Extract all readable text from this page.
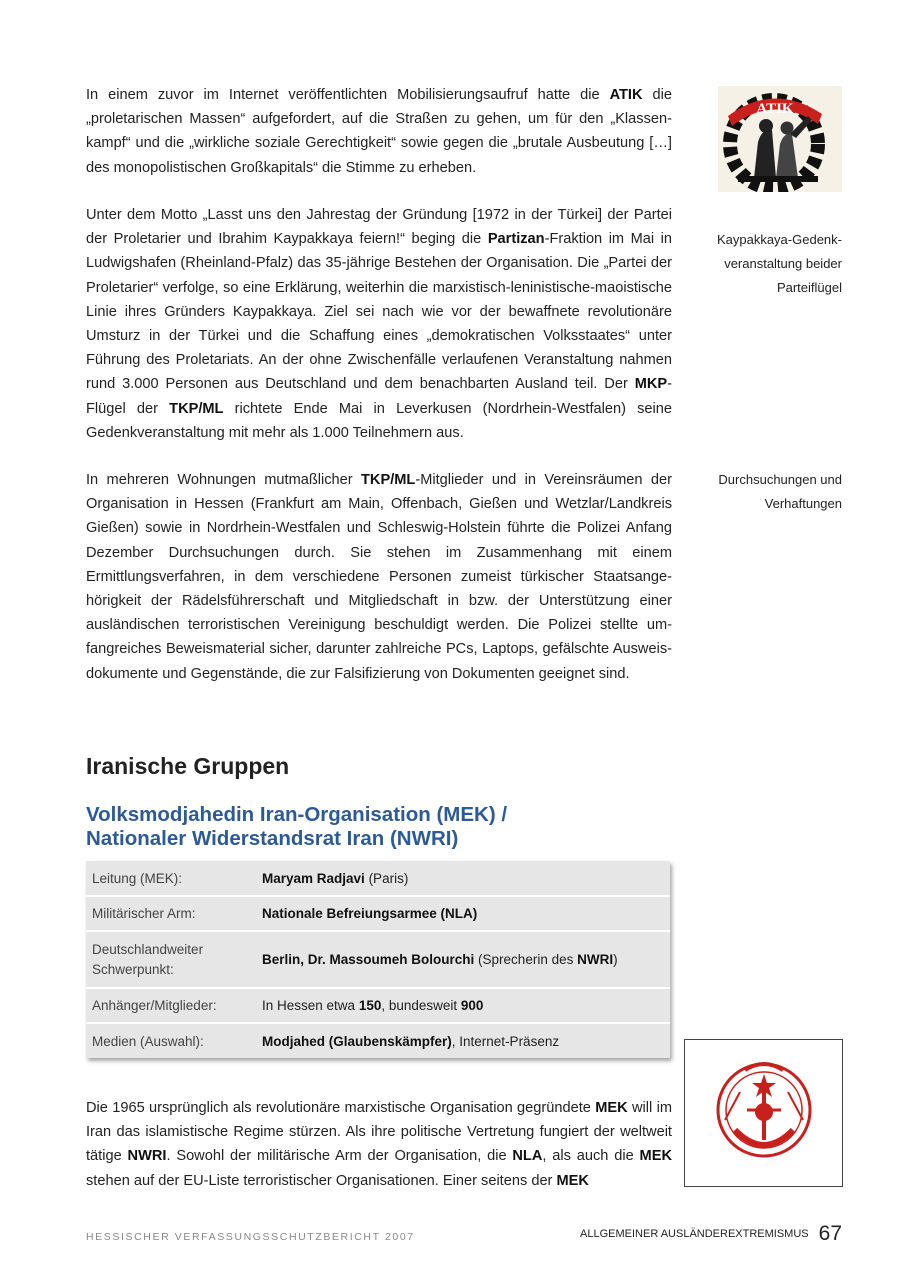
In einem zuvor im Internet veröffentlichten Mobilisierungsaufruf hatte die ATIK die „proletarischen Massen“ aufgefordert, auf die Straßen zu gehen, um für den „Klassenkampf“ und die „wirkliche soziale Gerechtigkeit“ sowie gegen die „brutale Ausbeutung […] des monopolistischen Großkapitals“ die Stimme zu erheben.

ATIK
Kaypakkaya-Gedenkveranstaltung beider Parteiflügel

Unter dem Motto „Lasst uns den Jahrestag der Gründung [1972 in der Türkei] der Partei der Proletarier und Ibrahim Kaypakkaya feiern!“ beging die Partizan-Fraktion im Mai in Ludwigshafen (Rheinland-Pfalz) das 35-jährige Bestehen der Organisation. Die „Partei der Proletarier“ verfolge, so eine Erklärung, weiterhin die marxistisch-leninistische-maoistische Linie ihres Gründers Kaypakkaya. Ziel sei nach wie vor der bewaffnete revolutionäre Umsturz in der Türkei und die Schaffung eines „demokratischen Volksstaates“ unter Führung des Proletariats. An der ohne Zwischenfälle verlaufenen Veranstaltung nahmen rund 3.000 Personen aus Deutschland und dem benachbarten Ausland teil. Der MKP-Flügel der TKP/ML richtete Ende Mai in Leverkusen (Nordrhein-Westfalen) seine Gedenkveranstaltung mit mehr als 1.000 Teilnehmern aus.

Durchsuchungen und Verhaftungen

In mehreren Wohnungen mutmaßlicher TKP/ML-Mitglieder und in Vereinsräumen der Organisation in Hessen (Frankfurt am Main, Offenbach, Gießen und Wetzlar/Landkreis Gießen) sowie in Nordrhein-Westfalen und Schleswig-Holstein führte die Polizei Anfang Dezember Durchsuchungen durch. Sie stehen im Zusammenhang mit einem Ermittlungsverfahren, in dem verschiedene Personen zumeist türkischer Staatsangehörigkeit der Rädelsführerschaft und Mitgliedschaft in bzw. der Unterstützung einer ausländischen terroristischen Vereinigung beschuldigt werden. Die Polizei stellte umfangreiches Beweismaterial sicher, darunter zahlreiche PCs, Laptops, gefälschte Ausweisdokumente und Gegenstände, die zur Falsifizierung von Dokumenten geeignet sind.

Iranische Gruppen
Volksmodjahedin Iran-Organisation (MEK) /
Nationaler Widerstandsrat Iran (NWRI)
Leitung (MEK):	Maryam Radjavi (Paris)
Militärischer Arm:	Nationale Befreiungsarmee (NLA)
Deutschlandweiter Schwerpunkt:	Berlin, Dr. Massoumeh Bolourchi (Sprecherin des NWRI)
Anhänger/Mitglieder:	In Hessen etwa 150, bundesweit 900
Medien (Auswahl):	Modjahed (Glaubenskämpfer), Internet-Präsenz

Die 1965 ursprünglich als revolutionäre marxistische Organisation gegründete MEK will im Iran das islamistische Regime stürzen. Als ihre politische Vertretung fungiert der weltweit tätige NWRI. Sowohl der militärische Arm der Organisation, die NLA, als auch die MEK stehen auf der EU-Liste terroristischer Organisationen. Einer seitens der MEK

HESSISCHER VERFASSUNGSSCHUTZBERICHT 2007	ALLGEMEINER AUSLÄNDEREXTREMISMUS 67
